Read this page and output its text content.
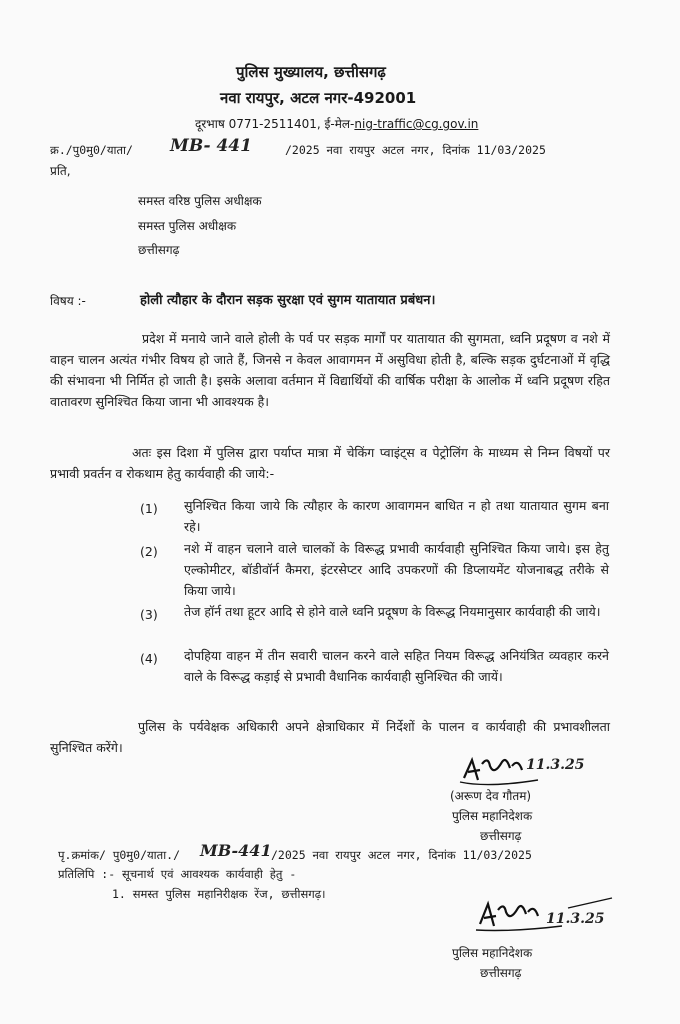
पुलिस मुख्यालय, छत्तीसगढ़
नवा रायपुर, अटल नगर-492001
दूरभाष 0771-2511401, ई-मेल-nig-traffic@cg.gov.in
क्र./पु0मु0/याता/ MB- 441	/2025 नवा रायपुर अटल नगर, दिनांक 11/03/2025
प्रति,
समस्त वरिष्ठ पुलिस अधीक्षक
समस्त पुलिस अधीक्षक
छत्तीसगढ़
विषय :-	होली त्यौहार के दौरान सड़क सुरक्षा एवं सुगम यातायात प्रबंधन।
प्रदेश में मनाये जाने वाले होली के पर्व पर सड़क मार्गों पर यातायात की सुगमता, ध्वनि प्रदूषण व नशे में वाहन चालन अत्यंत गंभीर विषय हो जाते हैं, जिनसे न केवल आवागमन में असुविधा होती है, बल्कि सड़क दुर्घटनाओं में वृद्धि की संभावना भी निर्मित हो जाती है। इसके अलावा वर्तमान में विद्यार्थियों की वार्षिक परीक्षा के आलोक में ध्वनि प्रदूषण रहित वातावरण सुनिश्चित किया जाना भी आवश्यक है।
अतः इस दिशा में पुलिस द्वारा पर्याप्त मात्रा में चेकिंग प्वाइंट्स व पेट्रोलिंग के माध्यम से निम्न विषयों पर प्रभावी प्रवर्तन व रोकथाम हेतु कार्यवाही की जाये:-
(1) सुनिश्चित किया जाये कि त्यौहार के कारण आवागमन बाधित न हो तथा यातायात सुगम बना रहे।
(2) नशे में वाहन चलाने वाले चालकों के विरूद्ध प्रभावी कार्यवाही सुनिश्चित किया जाये। इस हेतु एल्कोमीटर, बॉडीवॉर्न कैमरा, इंटरसेप्टर आदि उपकरणों की डिप्लायमेंट योजनाबद्ध तरीके से किया जाये।
(3) तेज हॉर्न तथा हूटर आदि से होने वाले ध्वनि प्रदूषण के विरूद्ध नियमानुसार कार्यवाही की जाये।
(4) दोपहिया वाहन में तीन सवारी चालन करने वाले सहित नियम विरूद्ध अनियंत्रित व्यवहार करने वाले के विरूद्ध कड़ाई से प्रभावी वैधानिक कार्यवाही सुनिश्चित की जायें।
पुलिस के पर्यवेक्षक अधिकारी अपने क्षेत्राधिकार में निर्देशों के पालन व कार्यवाही की प्रभावशीलता सुनिश्चित करेंगे।
11.3.25
(अरूण देव गौतम)
पुलिस महानिदेशक
छत्तीसगढ़
पृ.क्रमांक/ पु0मु0/याता./ MB-441 /2025 नवा रायपुर अटल नगर, दिनांक 11/03/2025
प्रतिलिपि :- सूचनार्थ एवं आवश्यक कार्यवाही हेतु -
1. समस्त पुलिस महानिरीक्षक रेंज, छत्तीसगढ़।
11.3.25
पुलिस महानिदेशक
छत्तीसगढ़
